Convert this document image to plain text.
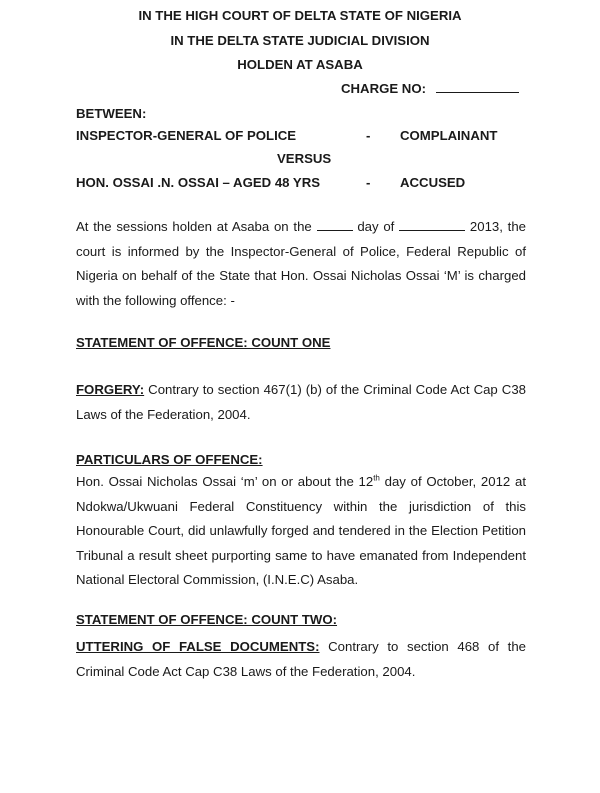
IN THE HIGH COURT OF DELTA STATE OF NIGERIA
IN THE DELTA STATE JUDICIAL DIVISION
HOLDEN AT ASABA
CHARGE NO:
BETWEEN:
INSPECTOR-GENERAL OF POLICE	- COMPLAINANT
VERSUS
HON. OSSAI .N. OSSAI – AGED 48 YRS	- ACCUSED
At the sessions holden at Asaba on the	day of	2013, the
court is informed by the Inspector-General of Police, Federal Republic of
Nigeria on behalf of the State that Hon. Ossai Nicholas Ossai ‘M’ is charged
with the following offence: -
STATEMENT OF OFFENCE: COUNT ONE
FORGERY: Contrary to section 467(1) (b) of the Criminal Code Act Cap C38
Laws of the Federation, 2004.
PARTICULARS OF OFFENCE:
Hon. Ossai Nicholas Ossai ‘m’ on or about the 12th day of October, 2012 at
Ndokwa/Ukwuani Federal Constituency within the jurisdiction of this
Honourable Court, did unlawfully forged and tendered in the Election Petition
Tribunal a result sheet purporting same to have emanated from Independent
National Electoral Commission, (I.N.E.C) Asaba.
STATEMENT OF OFFENCE: COUNT TWO:
UTTERING OF FALSE DOCUMENTS: Contrary to section 468 of the
Criminal Code Act Cap C38 Laws of the Federation, 2004.
